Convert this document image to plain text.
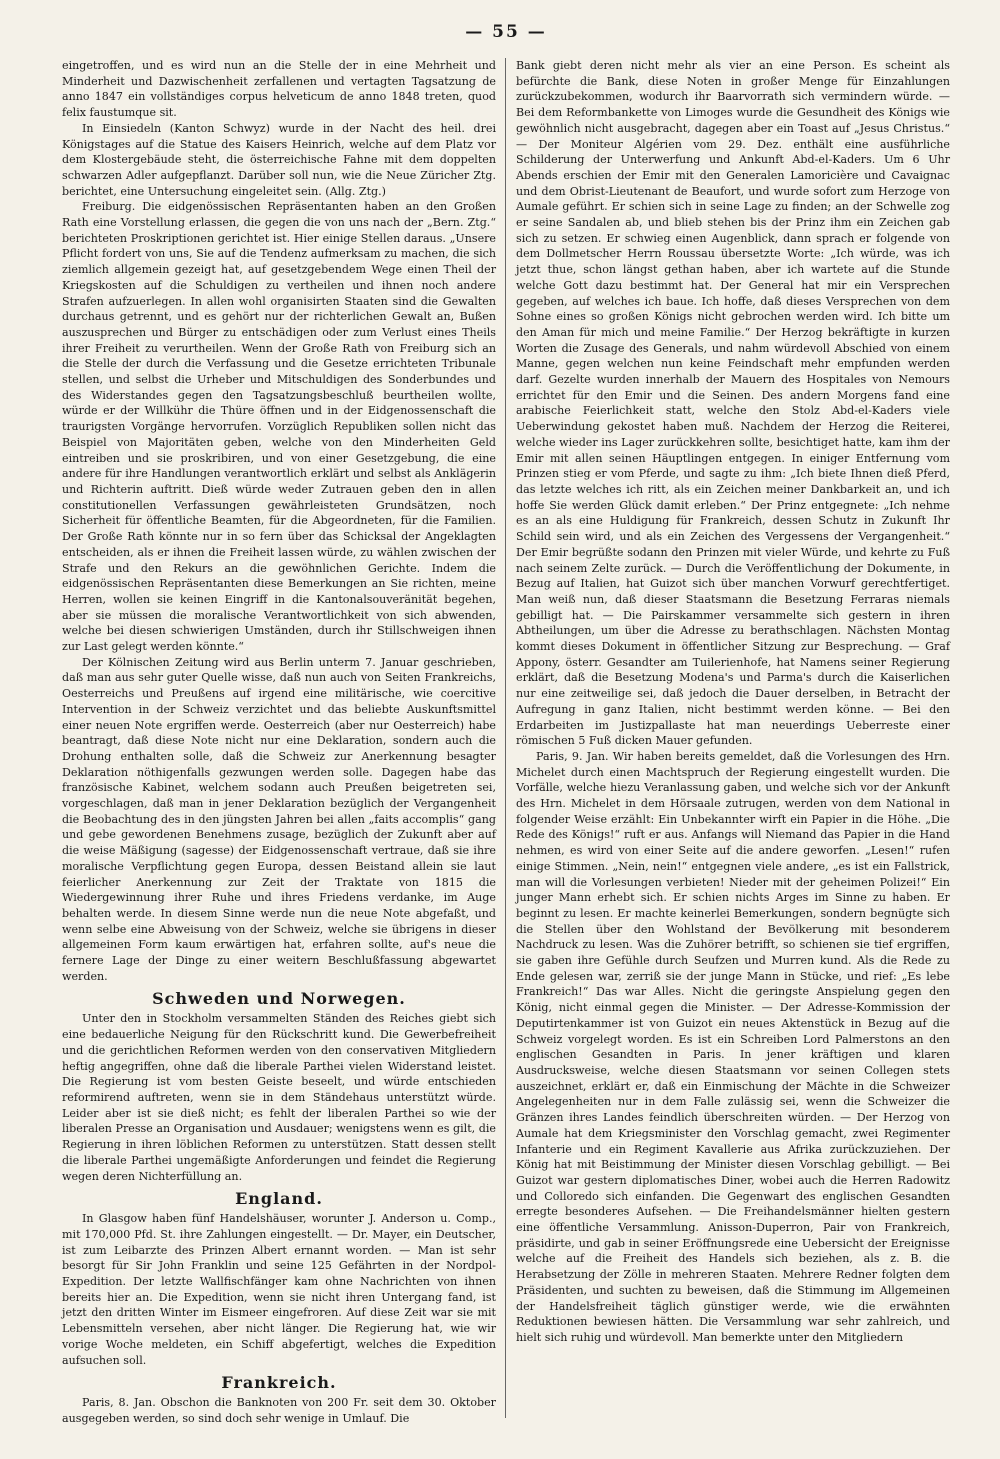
— 55 —

eingetroffen, und es wird nun an die Stelle der in eine Mehrheit und Minderheit und Dazwischenheit zerfallenen und vertagten Tagsatzung de anno 1847 ein vollständiges corpus helveticum de anno 1848 treten, quod felix faustumque sit.

In Einsiedeln (Kanton Schwyz) wurde in der Nacht des heil. drei Königstages auf die Statue des Kaisers Heinrich, welche auf dem Platz vor dem Klostergebäude steht, die österreichische Fahne mit dem doppelten schwarzen Adler aufgepflanzt. Darüber soll nun, wie die Neue Züricher Ztg. berichtet, eine Untersuchung eingeleitet sein. (Allg. Ztg.)

Freiburg. Die eidgenössischen Repräsentanten haben an den Großen Rath eine Vorstellung erlassen, die gegen die von uns nach der „Bern. Ztg.“ berichteten Proskriptionen gerichtet ist. Hier einige Stellen daraus. „Unsere Pflicht fordert von uns, Sie auf die Tendenz aufmerksam zu machen, die sich ziemlich allgemein gezeigt hat, auf gesetzgebendem Wege einen Theil der Kriegskosten auf die Schuldigen zu vertheilen und ihnen noch andere Strafen aufzuerlegen. In allen wohl organisirten Staaten sind die Gewalten durchaus getrennt, und es gehört nur der richterlichen Gewalt an, Bußen auszusprechen und Bürger zu entschädigen oder zum Verlust eines Theils ihrer Freiheit zu verurtheilen. Wenn der Große Rath von Freiburg sich an die Stelle der durch die Verfassung und die Gesetze errichteten Tribunale stellen, und selbst die Urheber und Mitschuldigen des Sonderbundes und des Widerstandes gegen den Tagsatzungsbeschluß beurtheilen wollte, würde er der Willkühr die Thüre öffnen und in der Eidgenossenschaft die traurigsten Vorgänge hervorrufen. Vorzüglich Republiken sollen nicht das Beispiel von Majoritäten geben, welche von den Minderheiten Geld eintreiben und sie proskribiren, und von einer Gesetzgebung, die eine andere für ihre Handlungen verantwortlich erklärt und selbst als Anklägerin und Richterin auftritt. Dieß würde weder Zutrauen geben den in allen constitutionellen Verfassungen gewährleisteten Grundsätzen, noch Sicherheit für öffentliche Beamten, für die Abgeordneten, für die Familien. Der Große Rath könnte nur in so fern über das Schicksal der Angeklagten entscheiden, als er ihnen die Freiheit lassen würde, zu wählen zwischen der Strafe und den Rekurs an die gewöhnlichen Gerichte. Indem die eidgenössischen Repräsentanten diese Bemerkungen an Sie richten, meine Herren, wollen sie keinen Eingriff in die Kantonalsouveränität begehen, aber sie müssen die moralische Verantwortlichkeit von sich abwenden, welche bei diesen schwierigen Umständen, durch ihr Stillschweigen ihnen zur Last gelegt werden könnte.“

Der Kölnischen Zeitung wird aus Berlin unterm 7. Januar geschrieben, daß man aus sehr guter Quelle wisse, daß nun auch von Seiten Frankreichs, Oesterreichs und Preußens auf irgend eine militärische, wie coercitive Intervention in der Schweiz verzichtet und das beliebte Auskunftsmittel einer neuen Note ergriffen werde. Oesterreich (aber nur Oesterreich) habe beantragt, daß diese Note nicht nur eine Deklaration, sondern auch die Drohung enthalten solle, daß die Schweiz zur Anerkennung besagter Deklaration nöthigenfalls gezwungen werden solle. Dagegen habe das französische Kabinet, welchem sodann auch Preußen beigetreten sei, vorgeschlagen, daß man in jener Deklaration bezüglich der Vergangenheit die Beobachtung des in den jüngsten Jahren bei allen „faits accomplis“ gang und gebe gewordenen Benehmens zusage, bezüglich der Zukunft aber auf die weise Mäßigung (sagesse) der Eidgenossenschaft vertraue, daß sie ihre moralische Verpflichtung gegen Europa, dessen Beistand allein sie laut feierlicher Anerkennung zur Zeit der Traktate von 1815 die Wiedergewinnung ihrer Ruhe und ihres Friedens verdanke, im Auge behalten werde. In diesem Sinne werde nun die neue Note abgefaßt, und wenn selbe eine Abweisung von der Schweiz, welche sie übrigens in dieser allgemeinen Form kaum erwärtigen hat, erfahren sollte, auf's neue die fernere Lage der Dinge zu einer weitern Beschlußfassung abgewartet werden.

Schweden und Norwegen.

Unter den in Stockholm versammelten Ständen des Reiches giebt sich eine bedauerliche Neigung für den Rückschritt kund. Die Gewerbefreiheit und die gerichtlichen Reformen werden von den conservativen Mitgliedern heftig angegriffen, ohne daß die liberale Parthei vielen Widerstand leistet. Die Regierung ist vom besten Geiste beseelt, und würde entschieden reformirend auftreten, wenn sie in dem Ständehaus unterstützt würde. Leider aber ist sie dieß nicht; es fehlt der liberalen Parthei so wie der liberalen Presse an Organisation und Ausdauer; wenigstens wenn es gilt, die Regierung in ihren löblichen Reformen zu unterstützen. Statt dessen stellt die liberale Parthei ungemäßigte Anforderungen und feindet die Regierung wegen deren Nichterfüllung an.

England.

In Glasgow haben fünf Handelshäuser, worunter J. Anderson u. Comp., mit 170,000 Pfd. St. ihre Zahlungen eingestellt. — Dr. Mayer, ein Deutscher, ist zum Leibarzte des Prinzen Albert ernannt worden. — Man ist sehr besorgt für Sir John Franklin und seine 125 Gefährten in der Nordpol-Expedition. Der letzte Wallfischfänger kam ohne Nachrichten von ihnen bereits hier an. Die Expedition, wenn sie nicht ihren Untergang fand, ist jetzt den dritten Winter im Eismeer eingefroren. Auf diese Zeit war sie mit Lebensmitteln versehen, aber nicht länger. Die Regierung hat, wie wir vorige Woche meldeten, ein Schiff abgefertigt, welches die Expedition aufsuchen soll.

Frankreich.

Paris, 8. Jan. Obschon die Banknoten von 200 Fr. seit dem 30. Oktober ausgegeben werden, so sind doch sehr wenige in Umlauf. Die

Bank giebt deren nicht mehr als vier an eine Person. Es scheint als befürchte die Bank, diese Noten in großer Menge für Einzahlungen zurückzubekommen, wodurch ihr Baarvorrath sich vermindern würde. — Bei dem Reformbankette von Limoges wurde die Gesundheit des Königs wie gewöhnlich nicht ausgebracht, dagegen aber ein Toast auf „Jesus Christus.“ — Der Moniteur Algérien vom 29. Dez. enthält eine ausführliche Schilderung der Unterwerfung und Ankunft Abd-el-Kaders. Um 6 Uhr Abends erschien der Emir mit den Generalen Lamoricière und Cavaignac und dem Obrist-Lieutenant de Beaufort, und wurde sofort zum Herzoge von Aumale geführt. Er schien sich in seine Lage zu finden; an der Schwelle zog er seine Sandalen ab, und blieb stehen bis der Prinz ihm ein Zeichen gab sich zu setzen. Er schwieg einen Augenblick, dann sprach er folgende von dem Dollmetscher Herrn Roussau übersetzte Worte: „Ich würde, was ich jetzt thue, schon längst gethan haben, aber ich wartete auf die Stunde welche Gott dazu bestimmt hat. Der General hat mir ein Versprechen gegeben, auf welches ich baue. Ich hoffe, daß dieses Versprechen von dem Sohne eines so großen Königs nicht gebrochen werden wird. Ich bitte um den Aman für mich und meine Familie.“ Der Herzog bekräftigte in kurzen Worten die Zusage des Generals, und nahm würdevoll Abschied von einem Manne, gegen welchen nun keine Feindschaft mehr empfunden werden darf. Gezelte wurden innerhalb der Mauern des Hospitales von Nemours errichtet für den Emir und die Seinen. Des andern Morgens fand eine arabische Feierlichkeit statt, welche den Stolz Abd-el-Kaders viele Ueberwindung gekostet haben muß. Nachdem der Herzog die Reiterei, welche wieder ins Lager zurückkehren sollte, besichtiget hatte, kam ihm der Emir mit allen seinen Häuptlingen entgegen. In einiger Entfernung vom Prinzen stieg er vom Pferde, und sagte zu ihm: „Ich biete Ihnen dieß Pferd, das letzte welches ich ritt, als ein Zeichen meiner Dankbarkeit an, und ich hoffe Sie werden Glück damit erleben.“ Der Prinz entgegnete: „Ich nehme es an als eine Huldigung für Frankreich, dessen Schutz in Zukunft Ihr Schild sein wird, und als ein Zeichen des Vergessens der Vergangenheit.“ Der Emir begrüßte sodann den Prinzen mit vieler Würde, und kehrte zu Fuß nach seinem Zelte zurück. — Durch die Veröffentlichung der Dokumente, in Bezug auf Italien, hat Guizot sich über manchen Vorwurf gerechtfertiget. Man weiß nun, daß dieser Staatsmann die Besetzung Ferraras niemals gebilligt hat. — Die Pairskammer versammelte sich gestern in ihren Abtheilungen, um über die Adresse zu berathschlagen. Nächsten Montag kommt dieses Dokument in öffentlicher Sitzung zur Besprechung. — Graf Appony, österr. Gesandter am Tuilerienhofe, hat Namens seiner Regierung erklärt, daß die Besetzung Modena's und Parma's durch die Kaiserlichen nur eine zeitweilige sei, daß jedoch die Dauer derselben, in Betracht der Aufregung in ganz Italien, nicht bestimmt werden könne. — Bei den Erdarbeiten im Justizpallaste hat man neuerdings Ueberreste einer römischen 5 Fuß dicken Mauer gefunden.

Paris, 9. Jan. Wir haben bereits gemeldet, daß die Vorlesungen des Hrn. Michelet durch einen Machtspruch der Regierung eingestellt wurden. Die Vorfälle, welche hiezu Veranlassung gaben, und welche sich vor der Ankunft des Hrn. Michelet in dem Hörsaale zutrugen, werden von dem National in folgender Weise erzählt: Ein Unbekannter wirft ein Papier in die Höhe. „Die Rede des Königs!“ ruft er aus. Anfangs will Niemand das Papier in die Hand nehmen, es wird von einer Seite auf die andere geworfen. „Lesen!“ rufen einige Stimmen. „Nein, nein!“ entgegnen viele andere, „es ist ein Fallstrick, man will die Vorlesungen verbieten! Nieder mit der geheimen Polizei!“ Ein junger Mann erhebt sich. Er schien nichts Arges im Sinne zu haben. Er beginnt zu lesen. Er machte keinerlei Bemerkungen, sondern begnügte sich die Stellen über den Wohlstand der Bevölkerung mit besonderem Nachdruck zu lesen. Was die Zuhörer betrifft, so schienen sie tief ergriffen, sie gaben ihre Gefühle durch Seufzen und Murren kund. Als die Rede zu Ende gelesen war, zerriß sie der junge Mann in Stücke, und rief: „Es lebe Frankreich!“ Das war Alles. Nicht die geringste Anspielung gegen den König, nicht einmal gegen die Minister. — Der Adresse-Kommission der Deputirtenkammer ist von Guizot ein neues Aktenstück in Bezug auf die Schweiz vorgelegt worden. Es ist ein Schreiben Lord Palmerstons an den englischen Gesandten in Paris. In jener kräftigen und klaren Ausdrucksweise, welche diesen Staatsmann vor seinen Collegen stets auszeichnet, erklärt er, daß ein Einmischung der Mächte in die Schweizer Angelegenheiten nur in dem Falle zulässig sei, wenn die Schweizer die Gränzen ihres Landes feindlich überschreiten würden. — Der Herzog von Aumale hat dem Kriegsminister den Vorschlag gemacht, zwei Regimenter Infanterie und ein Regiment Kavallerie aus Afrika zurückzuziehen. Der König hat mit Beistimmung der Minister diesen Vorschlag gebilligt. — Bei Guizot war gestern diplomatisches Diner, wobei auch die Herren Radowitz und Colloredo sich einfanden. Die Gegenwart des englischen Gesandten erregte besonderes Aufsehen. — Die Freihandelsmänner hielten gestern eine öffentliche Versammlung. Anisson-Duperron, Pair von Frankreich, präsidirte, und gab in seiner Eröffnungsrede eine Uebersicht der Ereignisse welche auf die Freiheit des Handels sich beziehen, als z. B. die Herabsetzung der Zölle in mehreren Staaten. Mehrere Redner folgten dem Präsidenten, und suchten zu beweisen, daß die Stimmung im Allgemeinen der Handelsfreiheit täglich günstiger werde, wie die erwähnten Reduktionen bewiesen hätten. Die Versammlung war sehr zahlreich, und hielt sich ruhig und würdevoll. Man bemerkte unter den Mitgliedern
